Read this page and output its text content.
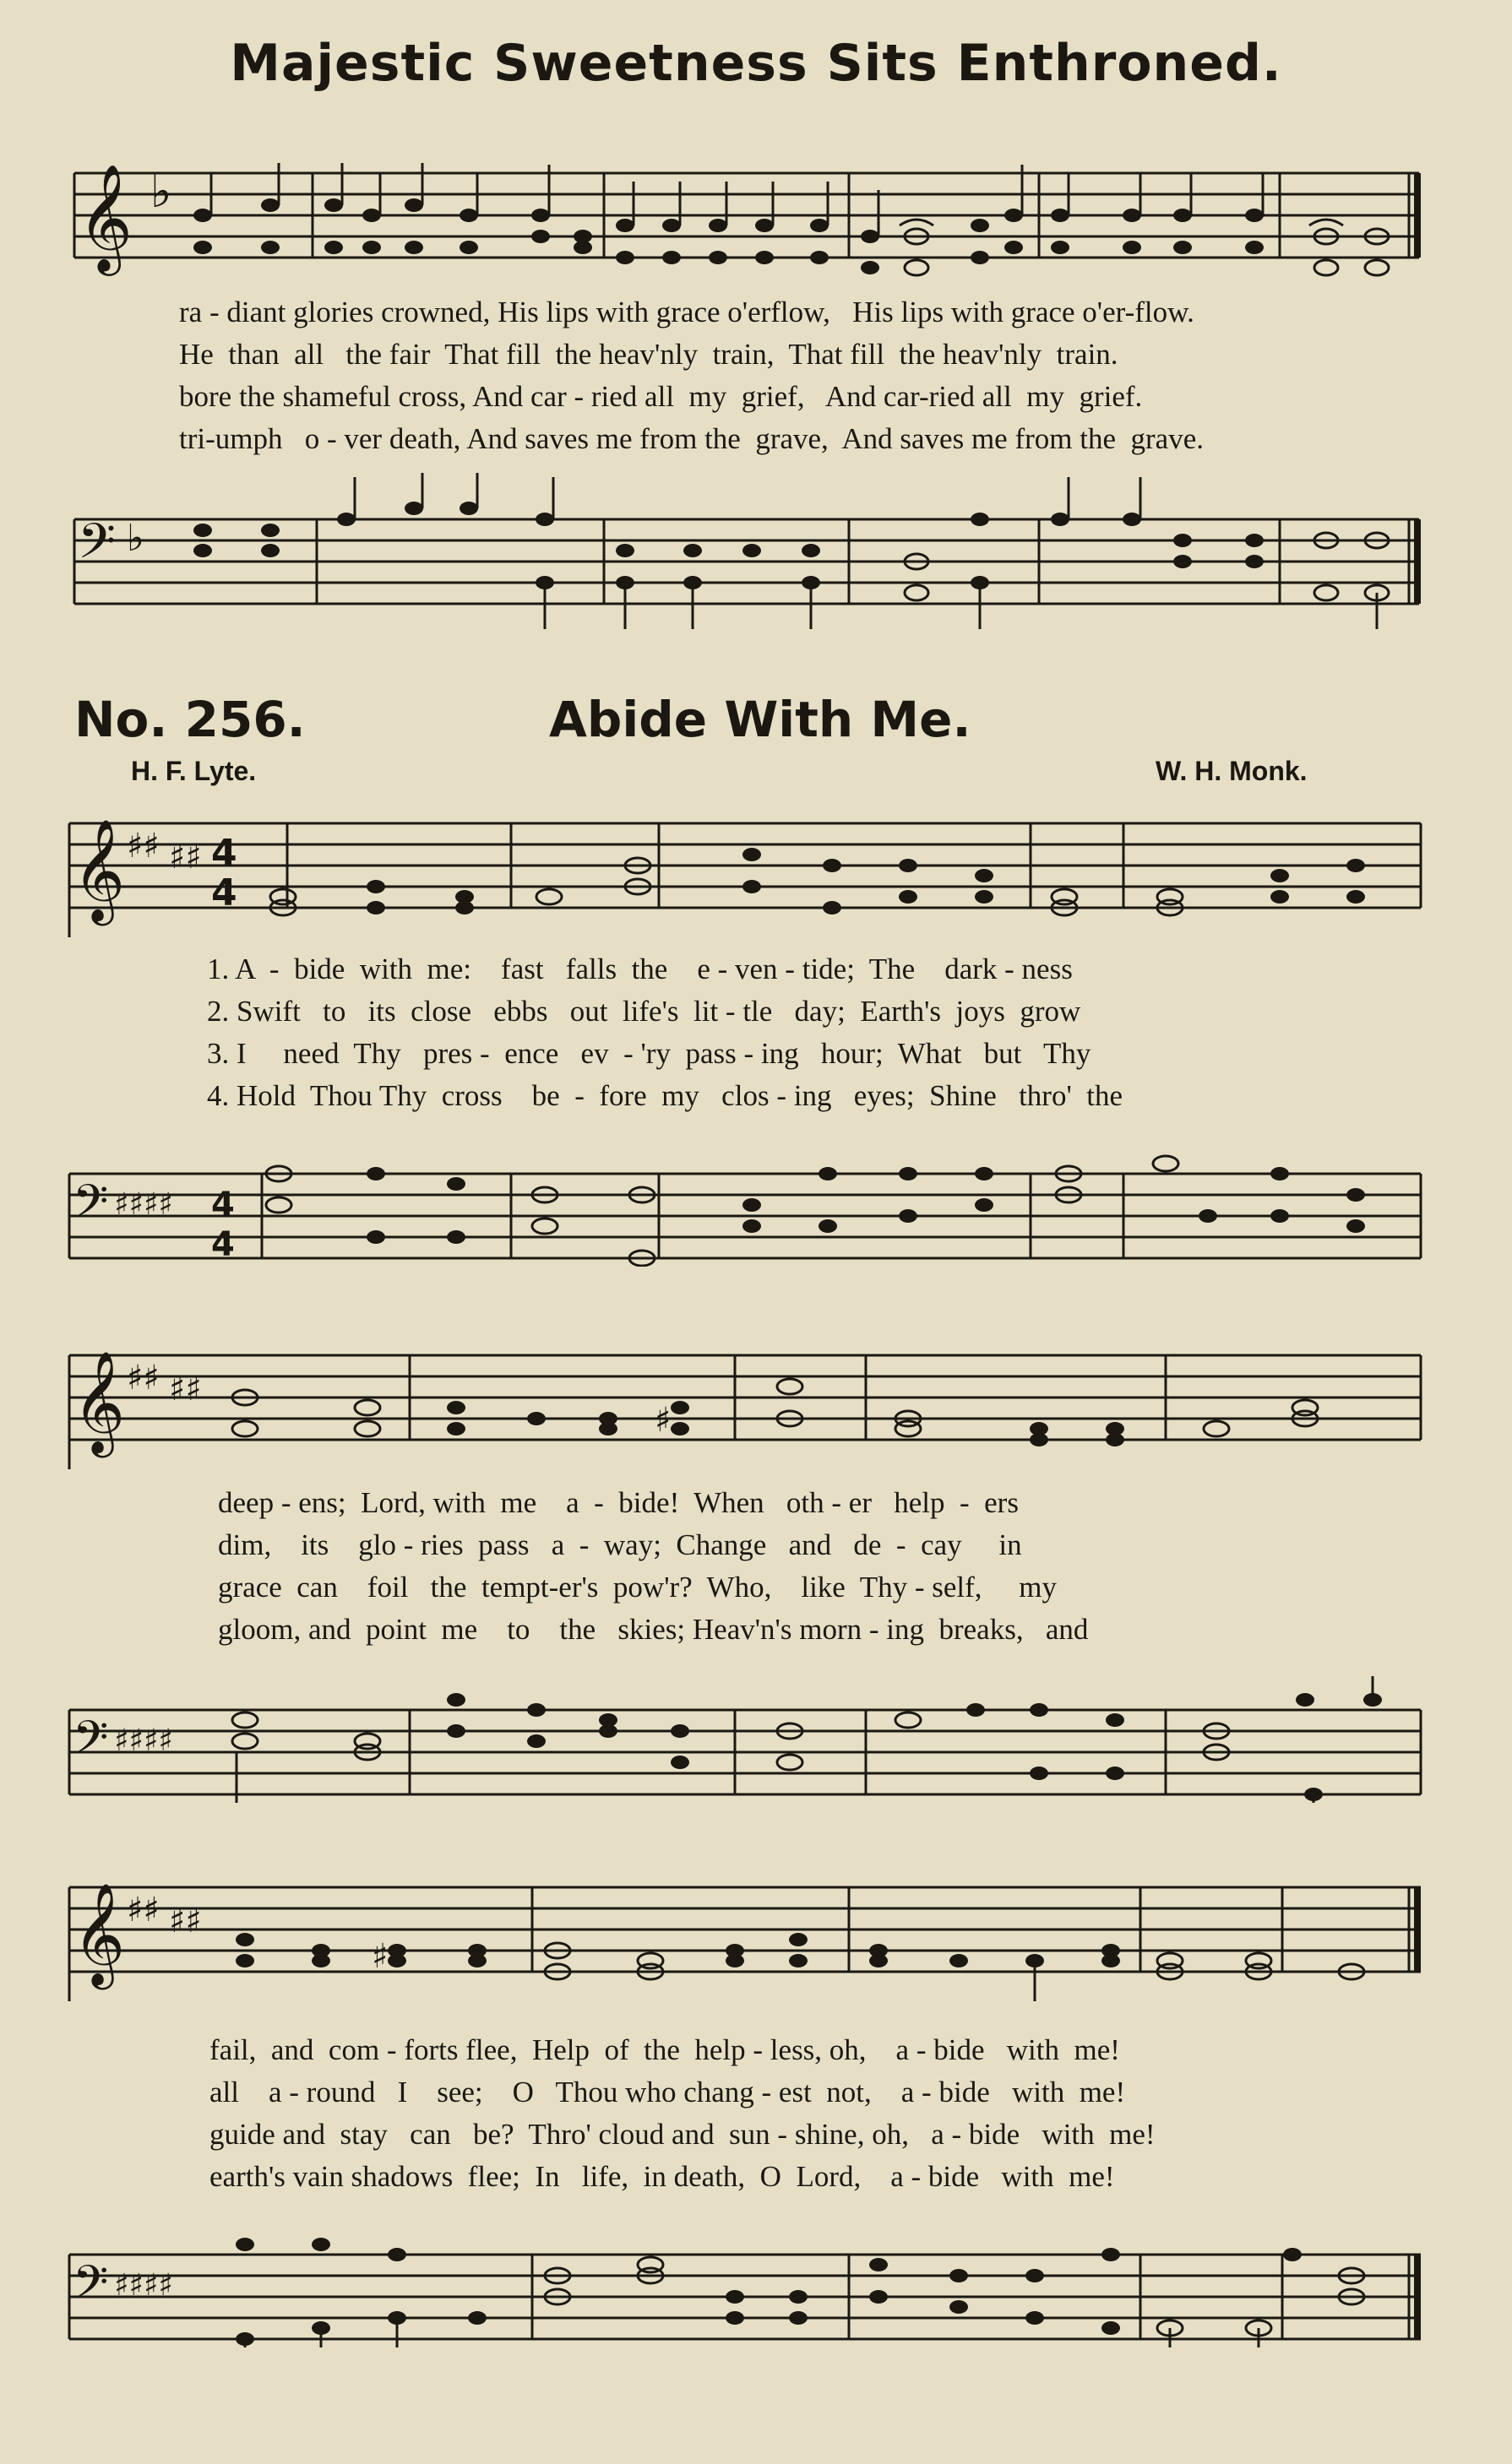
Majestic Sweetness Sits Enthroned.
𝄞 ♭
ra - diant glories crowned, His lips with grace o'erflow,   His lips with grace o'er-flow.
He  than  all   the fair  That fill  the heav'nly  train,  That fill  the heav'nly  train.
bore the shameful cross, And car - ried all  my  grief,   And car-ried all  my  grief.
tri-umph   o - ver death, And saves me from the  grave,  And saves me from the  grave.
𝄢 ♭
No. 256.	Abide With Me.
H. F. Lyte.	W. H. Monk.
𝄞 ♯♯ ♯♯ 4
4
1. A  -  bide  with  me:    fast   falls  the    e - ven - tide;  The    dark - ness
2. Swift   to   its  close   ebbs   out  life's  lit - tle   day;  Earth's  joys  grow
3. I     need  Thy   pres -  ence   ev  - 'ry  pass - ing   hour;  What   but   Thy
4. Hold  Thou Thy  cross    be  -  fore  my   clos - ing   eyes;  Shine   thro'  the
𝄢 ♯♯♯♯ 4
4
𝄞 ♯♯ ♯♯
♯
deep - ens;  Lord, with  me    a  -  bide!  When   oth - er   help  -  ers
dim,    its    glo - ries  pass   a  -  way;  Change   and   de  -  cay     in
grace  can    foil   the  tempt-er's  pow'r?  Who,    like  Thy - self,     my
gloom, and  point  me    to    the   skies; Heav'n's morn - ing  breaks,   and
𝄢 ♯♯♯♯
𝄞 ♯♯ ♯♯
♯
fail,  and  com - forts flee,  Help  of  the  help - less, oh,    a - bide   with  me!
all    a - round   I    see;    O   Thou who chang - est  not,    a - bide   with  me!
guide and  stay   can   be?  Thro' cloud and  sun - shine, oh,   a - bide   with  me!
earth's vain shadows  flee;  In   life,  in death,  O  Lord,    a - bide   with  me!
𝄢 ♯♯♯♯
